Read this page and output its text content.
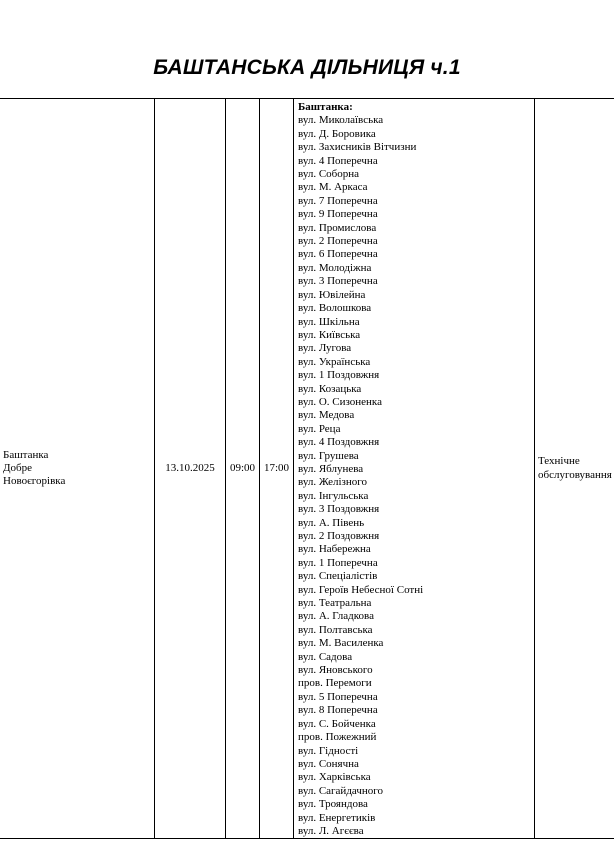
БАШТАНСЬКА ДІЛЬНИЦЯ ч.1
Баштанка
Добре
Новоєгорівка
	13.10.2025	09:00	17:00	
Баштанка:
вул. Миколаївська
вул. Д. Боровика
вул. Захисників Вітчизни
вул. 4 Поперечна
вул. Соборна
вул. М. Аркаса
вул. 7 Поперечна
вул. 9 Поперечна
вул. Промислова
вул. 2 Поперечна
вул. 6 Поперечна
вул. Молодіжна
вул. 3 Поперечна
вул. Ювілейна
вул. Волошкова
вул. Шкільна
вул. Київська
вул. Лугова
вул. Українська
вул. 1 Поздовжня
вул. Козацька
вул. О. Сизоненка
вул. Медова
вул. Реца
вул. 4 Поздовжня
вул. Грушева
вул. Яблунева
вул. Желізного
вул. Інгульська
вул. 3 Поздовжня
вул. А. Півень
вул. 2 Поздовжня
вул. Набережна
вул. 1 Поперечна
вул. Спеціалістів
вул. Героїв Небесної Сотні
вул. Театральна
вул. А. Гладкова
вул. Полтавська
вул. М. Василенка
вул. Садова
вул. Яновського
пров. Перемоги
вул. 5 Поперечна
вул. 8 Поперечна
вул. С. Бойченка
пров. Пожежний
вул. Гідності
вул. Сонячна
вул. Харківська
вул. Сагайдачного
вул. Трояндова
вул. Енергетиків
вул. Л. Агєєва
	Технічне обслуговування
